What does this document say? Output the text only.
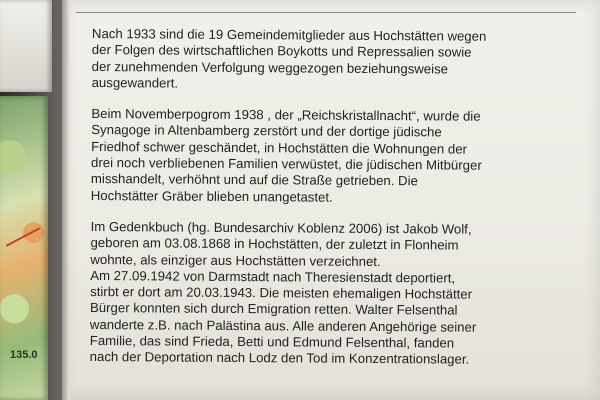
135.0

Nach 1933 sind die 19 Gemeindemitglieder aus Hochstätten wegen
der Folgen des wirtschaftlichen Boykotts und Repressalien sowie
der zunehmenden Verfolgung weggezogen beziehungsweise
ausgewandert.

Beim Novemberpogrom 1938 , der „Reichskristallnacht“, wurde die
Synagoge in Altenbamberg zerstört und der dortige jüdische
Friedhof schwer geschändet, in Hochstätten die Wohnungen der
drei noch verbliebenen Familien verwüstet, die jüdischen Mitbürger
misshandelt, verhöhnt und auf die Straße getrieben. Die
Hochstätter Gräber blieben unangetastet.

Im Gedenkbuch (hg. Bundesarchiv Koblenz 2006) ist Jakob Wolf,
geboren am 03.08.1868 in Hochstätten, der zuletzt in Flonheim
wohnte, als einziger aus Hochstätten verzeichnet.
Am 27.09.1942 von Darmstadt nach Theresienstadt deportiert,
stirbt er dort am 20.03.1943. Die meisten ehemaligen Hochstätter
Bürger konnten sich durch Emigration retten. Walter Felsenthal
wanderte z.B. nach Palästina aus. Alle anderen Angehörige seiner
Familie, das sind Frieda, Betti und Edmund Felsenthal, fanden
nach der Deportation nach Lodz den Tod im Konzentrationslager.
